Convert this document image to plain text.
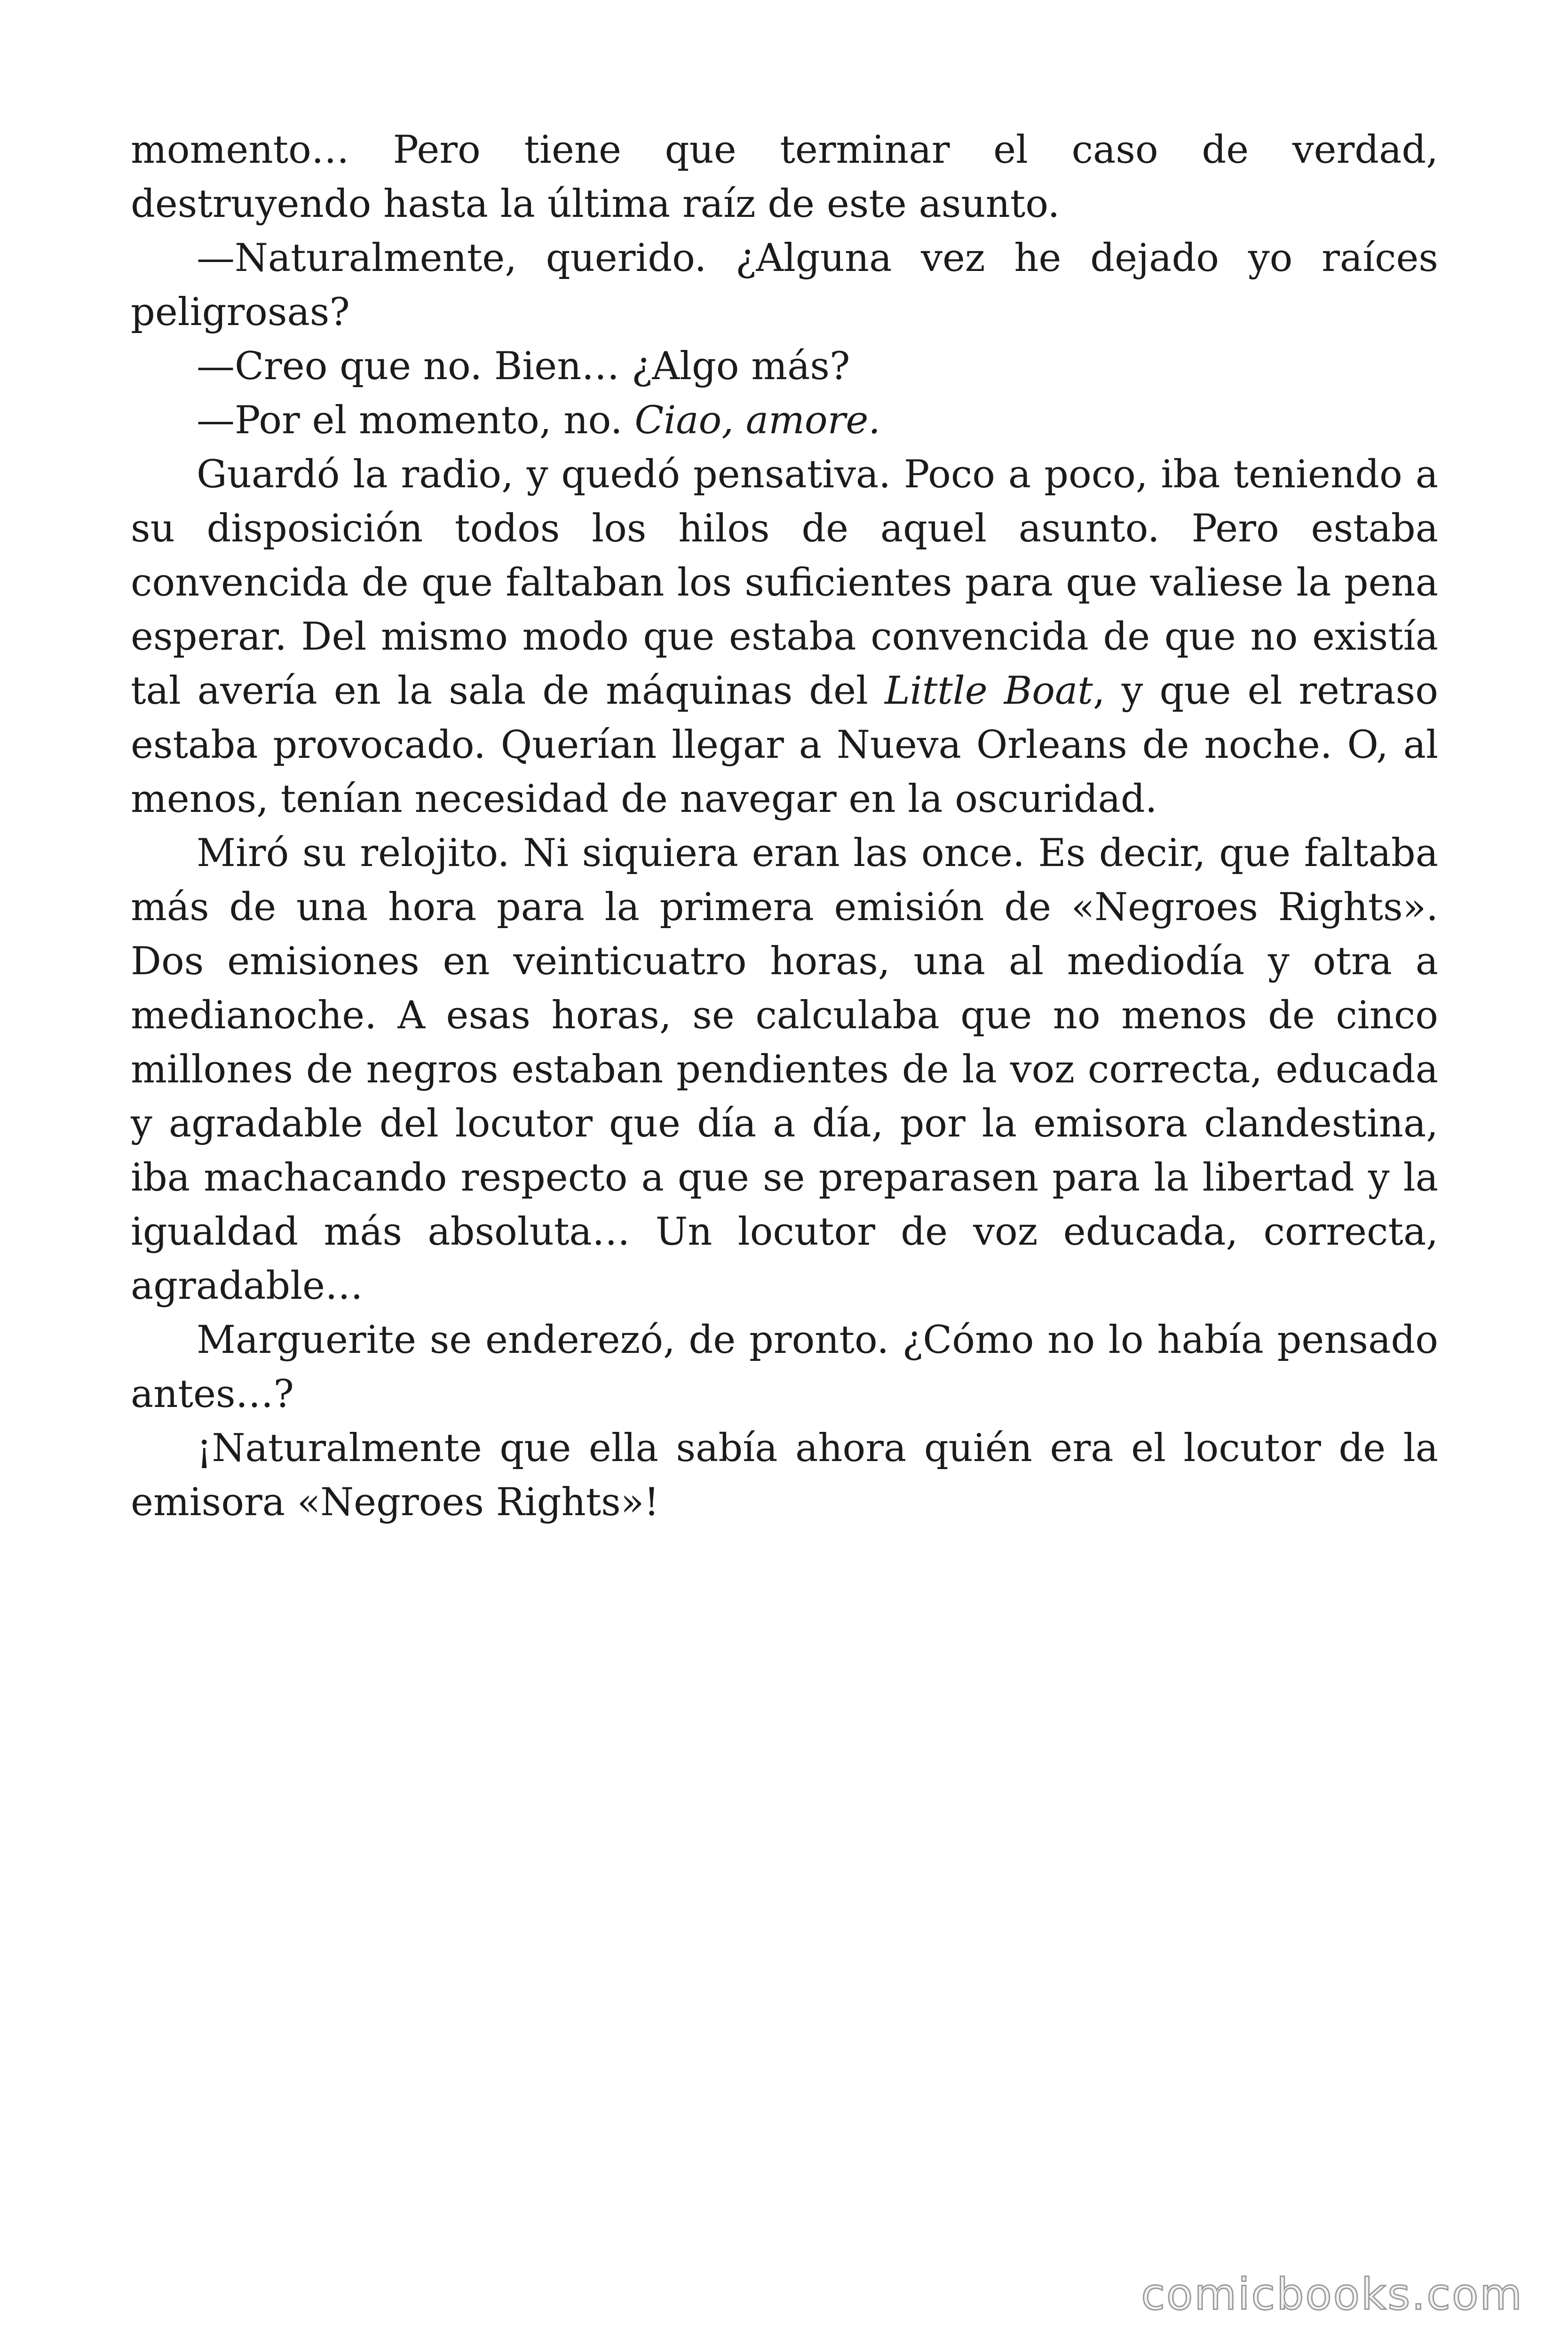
momento… Pero tiene que terminar el caso de verdad, destruyendo hasta la última raíz de este asunto.

—Naturalmente, querido. ¿Alguna vez he dejado yo raíces peligrosas?

—Creo que no. Bien… ¿Algo más?

—Por el momento, no. Ciao, amore.

Guardó la radio, y quedó pensativa. Poco a poco, iba teniendo a su disposición todos los hilos de aquel asunto. Pero estaba convencida de que faltaban los suficientes para que valiese la pena esperar. Del mismo modo que estaba convencida de que no existía tal avería en la sala de máquinas del Little Boat, y que el retraso estaba provocado. Querían llegar a Nueva Orleans de noche. O, al menos, tenían necesidad de navegar en la oscuridad.

Miró su relojito. Ni siquiera eran las once. Es decir, que faltaba más de una hora para la primera emisión de «Negroes Rights». Dos emisiones en veinticuatro horas, una al mediodía y otra a medianoche. A esas horas, se calculaba que no menos de cinco millones de negros estaban pendientes de la voz correcta, educada y agradable del locutor que día a día, por la emisora clandestina, iba machacando respecto a que se preparasen para la libertad y la igualdad más absoluta… Un locutor de voz educada, correcta, agradable…

Marguerite se enderezó, de pronto. ¿Cómo no lo había pensado antes…?

¡Naturalmente que ella sabía ahora quién era el locutor de la emisora «Negroes Rights»!

comicbooks.com
